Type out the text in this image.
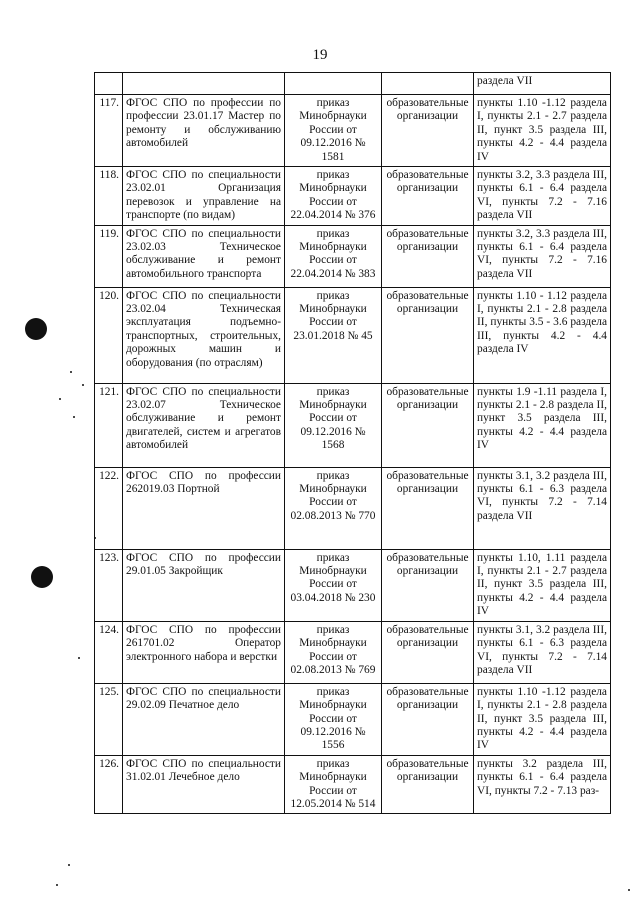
19
				раздела VII
117.	ФГОС СПО по профессии по профессии 23.01.17 Мастер по ремонту и обслуживанию автомобилей	приказ Минобрнауки России от 09.12.2016 № 1581	образовательные организации	пункты 1.10 -1.12 раздела I, пункты 2.1 - 2.7 раздела II, пункт 3.5 раздела III, пункты 4.2 - 4.4 раздела IV
118.	ФГОС СПО по специальности 23.02.01 Организация перевозок и управление на транспорте (по видам)	приказ Минобрнауки России от 22.04.2014 № 376	образовательные организации	пункты 3.2, 3.3 раздела III, пункты 6.1 - 6.4 раздела VI, пункты 7.2 - 7.16 раздела VII
119.	ФГОС СПО по специальности 23.02.03 Техническое обслуживание и ремонт автомобильного транспорта	приказ Минобрнауки России от 22.04.2014 № 383	образовательные организации	пункты 3.2, 3.3 раздела III, пункты 6.1 - 6.4 раздела VI, пункты 7.2 - 7.16 раздела VII
120.	ФГОС СПО по специальности 23.02.04 Техническая эксплуатация подъемно-транспортных, строительных, дорожных машин и оборудования (по отраслям)	приказ Минобрнауки России от 23.01.2018 № 45	образовательные организации	пункты 1.10 - 1.12 раздела I, пункты 2.1 - 2.8 раздела II, пункты 3.5 - 3.6 раздела III, пункты 4.2 - 4.4 раздела IV
121.	ФГОС СПО по специальности 23.02.07 Техническое обслуживание и ремонт двигателей, систем и агрегатов автомобилей	приказ Минобрнауки России от 09.12.2016 № 1568	образовательные организации	пункты 1.9 -1.11 раздела I, пункты 2.1 - 2.8 раздела II, пункт 3.5 раздела III, пункты 4.2 - 4.4 раздела IV
122.	ФГОС СПО по профессии 262019.03 Портной	приказ Минобрнауки России от 02.08.2013 № 770	образовательные организации	пункты 3.1, 3.2 раздела III, пункты 6.1 - 6.3 раздела VI, пункты 7.2 - 7.14 раздела VII
123.	ФГОС СПО по профессии 29.01.05 Закройщик	приказ Минобрнауки России от 03.04.2018 № 230	образовательные организации	пункты 1.10, 1.11 раздела I, пункты 2.1 - 2.7 раздела II, пункт 3.5 раздела III, пункты 4.2 - 4.4 раздела IV
124.	ФГОС СПО по профессии 261701.02 Оператор электронного набора и верстки	приказ Минобрнауки России от 02.08.2013 № 769	образовательные организации	пункты 3.1, 3.2 раздела III, пункты 6.1 - 6.3 раздела VI, пункты 7.2 - 7.14 раздела VII
125.	ФГОС СПО по специальности 29.02.09 Печатное дело	приказ Минобрнауки России от 09.12.2016 № 1556	образовательные организации	пункты 1.10 -1.12 раздела I, пункты 2.1 - 2.8 раздела II, пункт 3.5 раздела III, пункты 4.2 - 4.4 раздела IV
126.	ФГОС СПО по специальности 31.02.01 Лечебное дело	приказ Минобрнауки России от 12.05.2014 № 514	образовательные организации	пункты 3.2 раздела III, пункты 6.1 - 6.4 раздела VI, пункты 7.2 - 7.13 раз-
